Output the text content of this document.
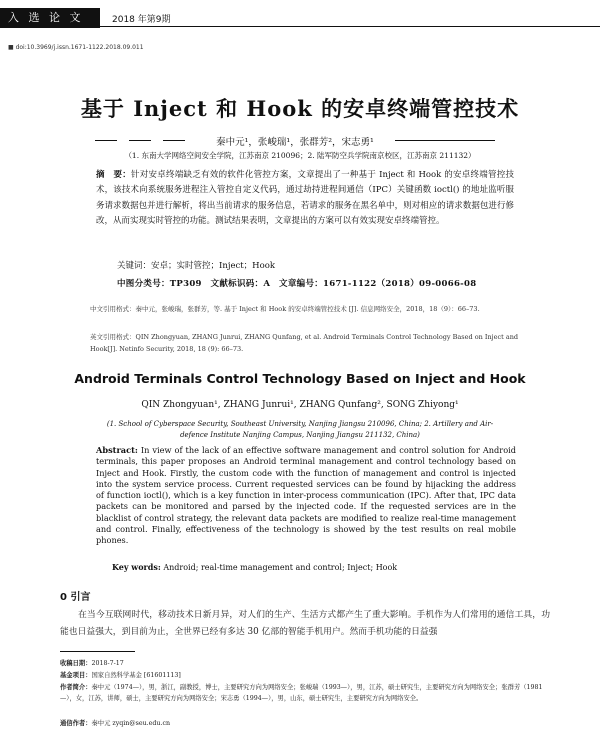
入 选 论 文	2018 年第9期
■ doi:10.3969/j.issn.1671-1122.2018.09.011
基于 Inject 和 Hook 的安卓终端管控技术
秦中元¹，张峻瑞¹，张群芳²，宋志勇¹
（1. 东南大学网络空间安全学院，江苏南京 210096；2. 陆军防空兵学院南京校区，江苏南京 211132）
摘　要：针对安卓终端缺乏有效的软件化管控方案，文章提出了一种基于 Inject 和 Hook 的安卓终端管控技术，该技术向系统服务进程注入管控自定义代码，通过劫持进程间通信（IPC）关键函数 ioctl() 的地址监听服务请求数据包并进行解析，将出当前请求的服务信息，若请求的服务在黑名单中，则对相应的请求数据包进行修改，从而实现实时管控的功能。测试结果表明，文章提出的方案可以有效实现安卓终端管控。
关键词：安卓；实时管控；Inject；Hook
中图分类号：TP309　文献标识码：A　文章编号：1671-1122（2018）09-0066-08
中文引用格式：秦中元，张峻瑞，张群芳，等. 基于 Inject 和 Hook 的安卓终端管控技术 [J]. 信息网络安全，2018，18（9）：66–73.
英文引用格式：QIN Zhongyuan, ZHANG Junrui, ZHANG Qunfang, et al. Android Terminals Control Technology Based on Inject and Hook[J]. Netinfo Security, 2018, 18 (9): 66–73.
Android Terminals Control Technology Based on Inject and Hook
QIN Zhongyuan¹, ZHANG Junrui¹, ZHANG Qunfang², SONG Zhiyong¹
(1. School of Cyberspace Security, Southeast University, Nanjing Jiangsu 210096, China; 2. Artillery and Air-defence Institute Nanjing Campus, Nanjing Jiangsu 211132, China)
Abstract: In view of the lack of an effective software management and control solution for Android terminals, this paper proposes an Android terminal management and control technology based on Inject and Hook. Firstly, the custom code with the function of management and control is injected into the system service process. Current requested services can be found by hijacking the address of function ioctl(), which is a key function in inter-process communication (IPC). After that, IPC data packets can be monitored and parsed by the injected code. If the requested services are in the blacklist of control strategy, the relevant data packets are modified to realize real-time management and control. Finally, effectiveness of the technology is showed by the test results on real mobile phones.
Key words: Android; real-time management and control; Inject; Hook
0 引言
在当今互联网时代，移动技术日新月异，对人们的生产、生活方式都产生了重大影响。手机作为人们常用的通信工具，功能也日益强大，到目前为止，全世界已经有多达 30 亿部的智能手机用户。然而手机功能的日益强
收稿日期：2018-7-17
基金项目：国家自然科学基金 [61601113]
作者简介：秦中元（1974—），男，浙江，副教授，博士，主要研究方向为网络安全；张峻瑞（1993—），男，江苏，硕士研究生，主要研究方向为网络安全；张群芳（1981—），女，江苏，讲师，硕士，主要研究方向为网络安全；宋志勇（1994—），男，山东，硕士研究生，主要研究方向为网络安全。
通信作者：秦中元 zyqin@seu.edu.cn
